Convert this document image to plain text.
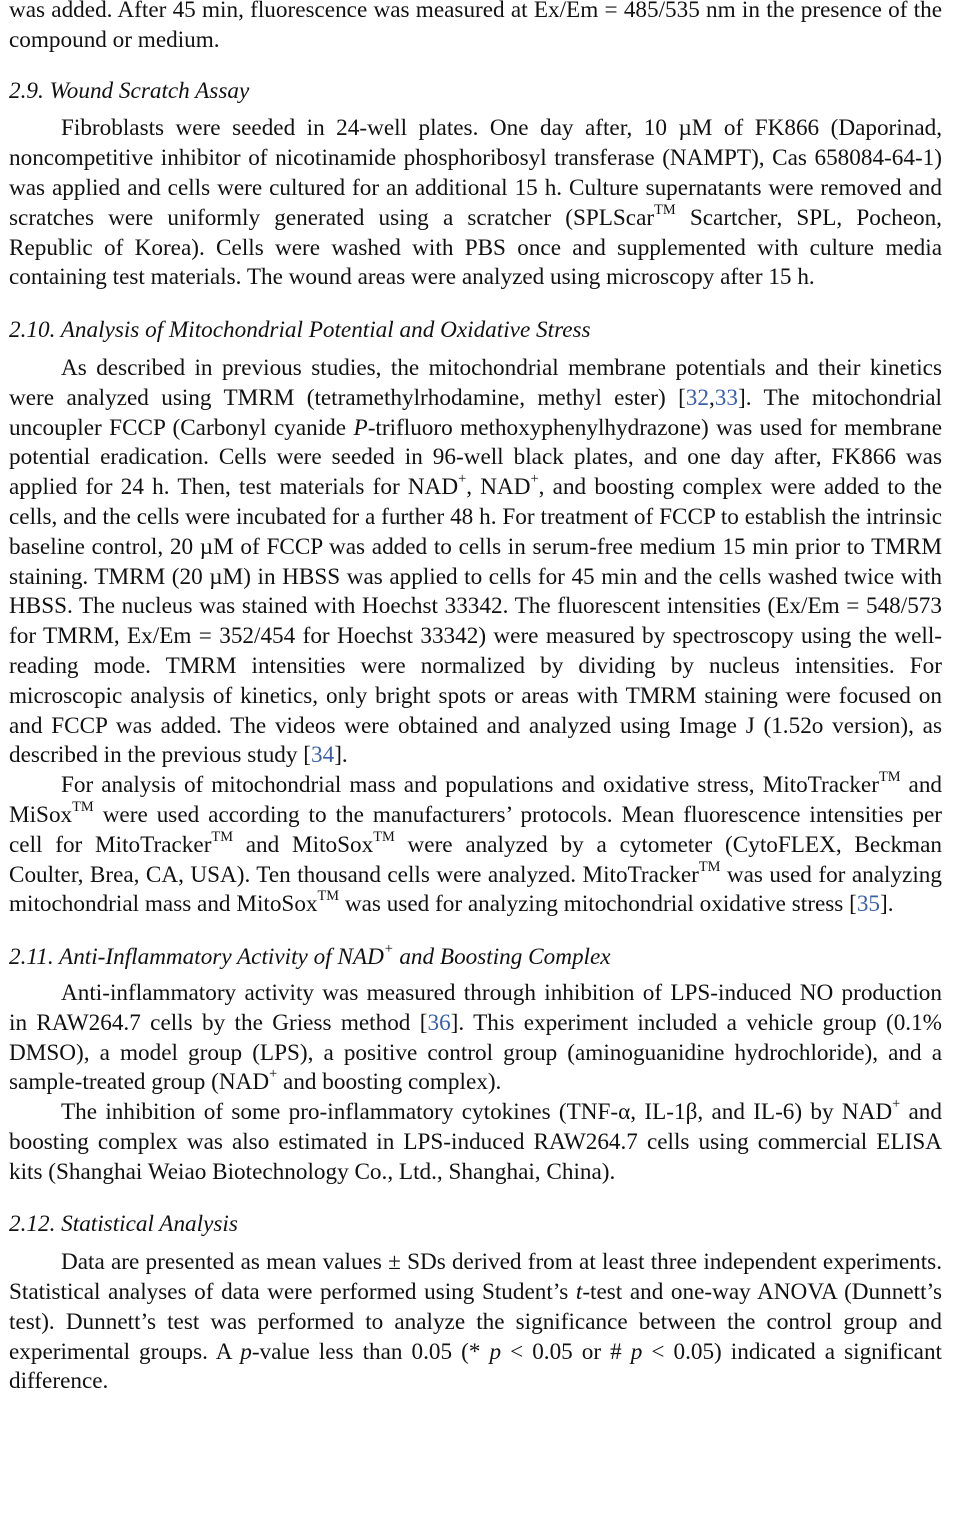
was added. After 45 min, fluorescence was measured at Ex/Em = 485/535 nm in the presence of the compound or medium.

2.9. Wound Scratch Assay

Fibroblasts were seeded in 24-well plates. One day after, 10 µM of FK866 (Daporinad, noncompetitive inhibitor of nicotinamide phosphoribosyl transferase (NAMPT), Cas 658084-64-1) was applied and cells were cultured for an additional 15 h. Culture supernatants were removed and scratches were uniformly generated using a scratcher (SPLScar™ Scartcher, SPL, Pocheon, Republic of Korea). Cells were washed with PBS once and supplemented with culture media containing test materials. The wound areas were analyzed using microscopy after 15 h.

2.10. Analysis of Mitochondrial Potential and Oxidative Stress

As described in previous studies, the mitochondrial membrane potentials and their kinetics were analyzed using TMRM (tetramethylrhodamine, methyl ester) [32,33]. The mitochondrial uncoupler FCCP (Carbonyl cyanide P-trifluoro methoxyphenylhydrazone) was used for membrane potential eradication. Cells were seeded in 96-well black plates, and one day after, FK866 was applied for 24 h. Then, test materials for NAD+, NAD+, and boosting complex were added to the cells, and the cells were incubated for a further 48 h. For treatment of FCCP to establish the intrinsic baseline control, 20 µM of FCCP was added to cells in serum-free medium 15 min prior to TMRM staining. TMRM (20 µM) in HBSS was applied to cells for 45 min and the cells washed twice with HBSS. The nucleus was stained with Hoechst 33342. The fluorescent intensities (Ex/Em = 548/573 for TMRM, Ex/Em = 352/454 for Hoechst 33342) were measured by spectroscopy using the well-reading mode. TMRM intensities were normalized by dividing by nucleus intensities. For microscopic analysis of kinetics, only bright spots or areas with TMRM staining were focused on and FCCP was added. The videos were obtained and analyzed using Image J (1.52o version), as described in the previous study [34].

For analysis of mitochondrial mass and populations and oxidative stress, MitoTracker™ and MiSox™ were used according to the manufacturers’ protocols. Mean fluorescence intensities per cell for MitoTracker™ and MitoSox™ were analyzed by a cytometer (CytoFLEX, Beckman Coulter, Brea, CA, USA). Ten thousand cells were analyzed. MitoTracker™ was used for analyzing mitochondrial mass and MitoSox™ was used for analyzing mitochondrial oxidative stress [35].

2.11. Anti-Inflammatory Activity of NAD+ and Boosting Complex

Anti-inflammatory activity was measured through inhibition of LPS-induced NO production in RAW264.7 cells by the Griess method [36]. This experiment included a vehicle group (0.1% DMSO), a model group (LPS), a positive control group (aminoguanidine hydrochloride), and a sample-treated group (NAD+ and boosting complex).

The inhibition of some pro-inflammatory cytokines (TNF-α, IL-1β, and IL-6) by NAD+ and boosting complex was also estimated in LPS-induced RAW264.7 cells using commercial ELISA kits (Shanghai Weiao Biotechnology Co., Ltd., Shanghai, China).

2.12. Statistical Analysis

Data are presented as mean values ± SDs derived from at least three independent experiments. Statistical analyses of data were performed using Student’s t-test and one-way ANOVA (Dunnett’s test). Dunnett’s test was performed to analyze the significance between the control group and experimental groups. A p-value less than 0.05 (* p < 0.05 or # p < 0.05) indicated a significant difference.
